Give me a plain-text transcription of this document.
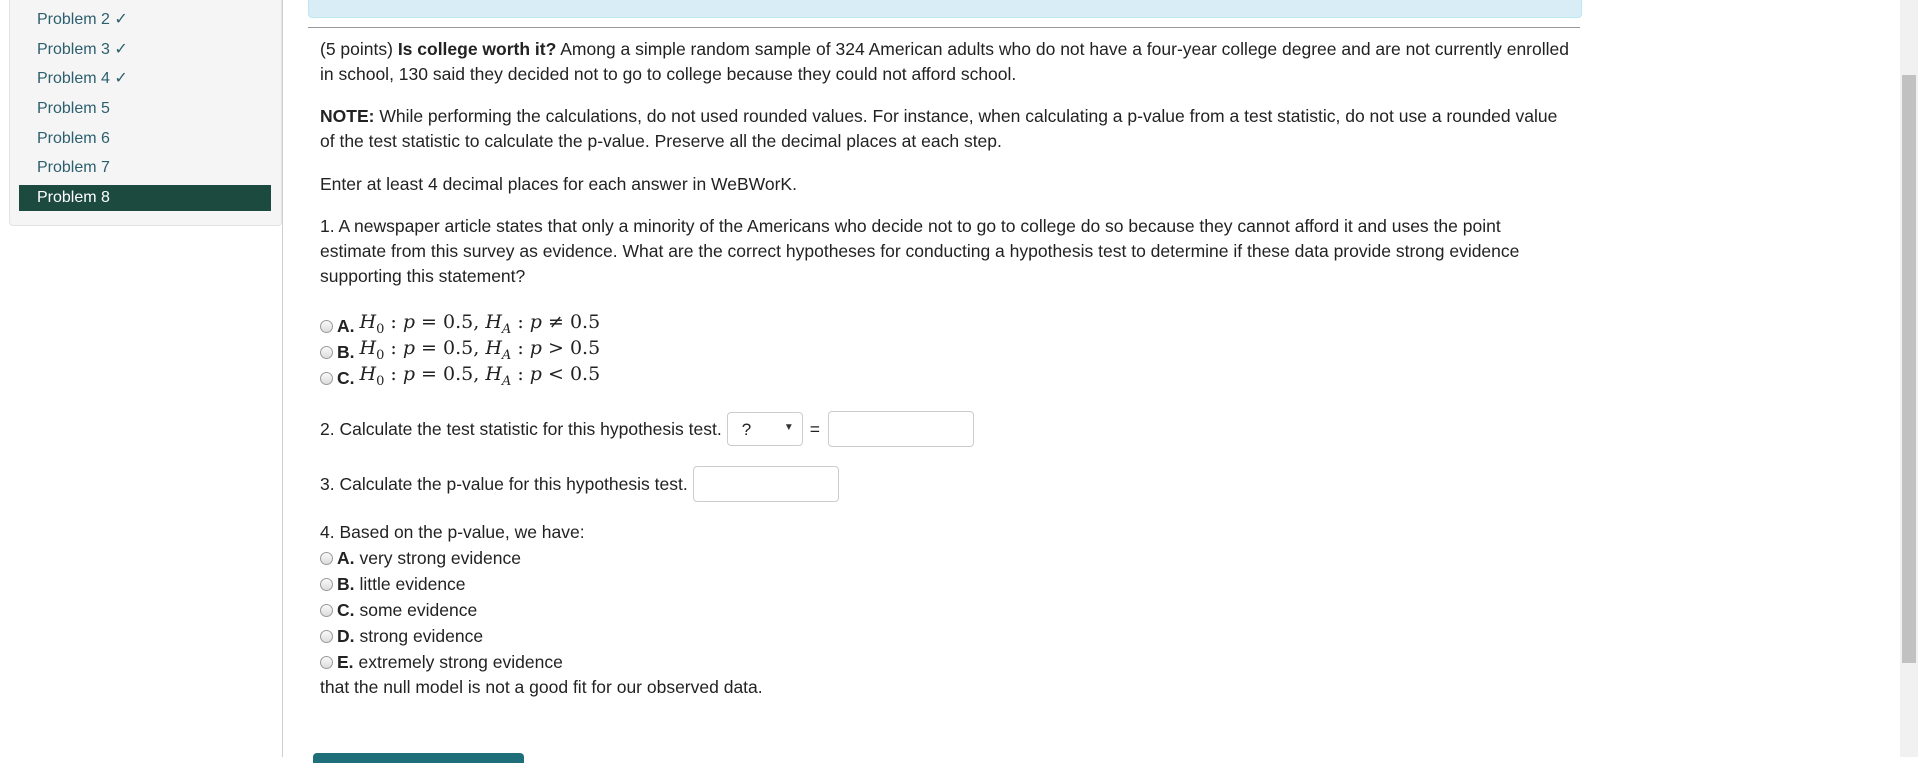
Problem 2 ✓
Problem 3 ✓
Problem 4 ✓
Problem 5
Problem 6
Problem 7
Problem 8
(5 points) Is college worth it? Among a simple random sample of 324 American adults who do not have a four-year college degree and are not currently enrolled in school, 130 said they decided not to go to college because they could not afford school.
NOTE: While performing the calculations, do not used rounded values. For instance, when calculating a p-value from a test statistic, do not use a rounded value of the test statistic to calculate the p-value. Preserve all the decimal places at each step.
Enter at least 4 decimal places for each answer in WeBWorK.
1. A newspaper article states that only a minority of the Americans who decide not to go to college do so because they cannot afford it and uses the point estimate from this survey as evidence. What are the correct hypotheses for conducting a hypothesis test to determine if these data provide strong evidence supporting this statement?
A. $H_0$ : p = 0.5, $H_A$ : p ≠ 0.5
B. $H_0$ : p = 0.5, $H_A$ : p > 0.5
C. $H_0$ : p = 0.5, $H_A$ : p < 0.5
2. Calculate the test statistic for this hypothesis test. ?	▼ =
3. Calculate the p-value for this hypothesis test.
4. Based on the p-value, we have:
A. very strong evidence
B. little evidence
C. some evidence
D. strong evidence
E. extremely strong evidence
that the null model is not a good fit for our observed data.
